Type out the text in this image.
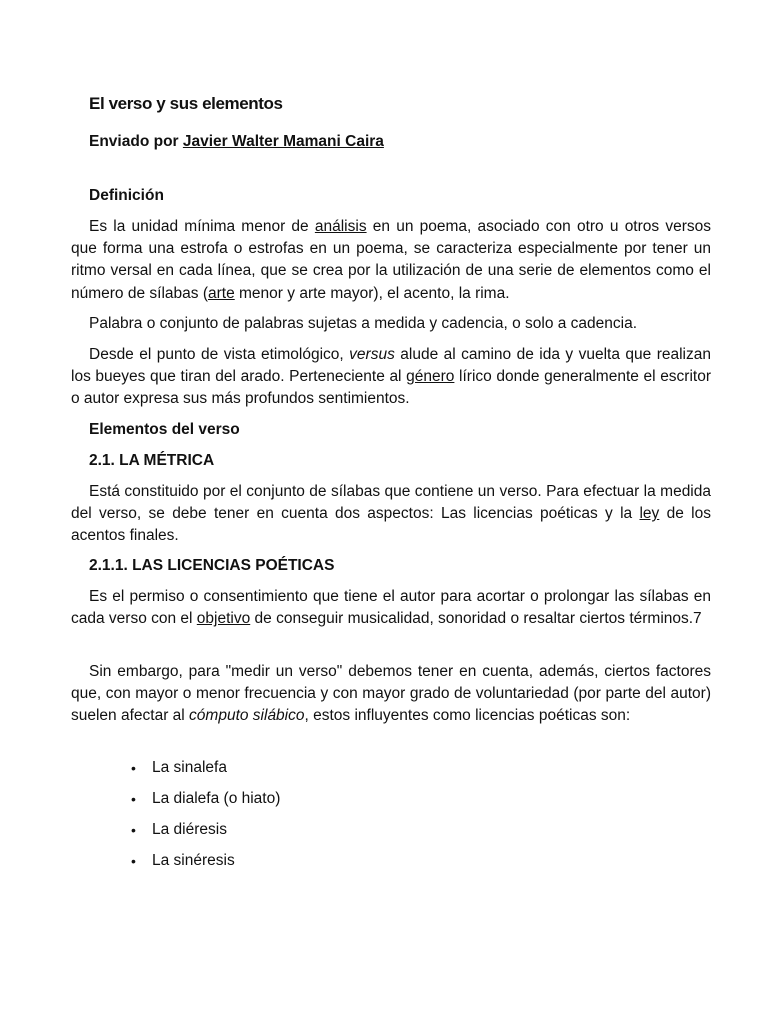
El verso y sus elementos

Enviado por Javier Walter Mamani Caira

Definición

Es la unidad mínima menor de análisis en un poema, asociado con otro u otros versos que forma una estrofa o estrofas en un poema, se caracteriza especialmente por tener un ritmo versal en cada línea, que se crea por la utilización de una serie de elementos como el número de sílabas (arte menor y arte mayor), el acento, la rima.

Palabra o conjunto de palabras sujetas a medida y cadencia, o solo a cadencia.

Desde el punto de vista etimológico, versus alude al camino de ida y vuelta que realizan los bueyes que tiran del arado. Perteneciente al género lírico donde generalmente el escritor o autor expresa sus más profundos sentimientos.

Elementos del verso
2.1. LA MÉTRICA

Está constituido por el conjunto de sílabas que contiene un verso. Para efectuar la medida del verso, se debe tener en cuenta dos aspectos: Las licencias poéticas y la ley de los acentos finales.

2.1.1. LAS LICENCIAS POÉTICAS

Es el permiso o consentimiento que tiene el autor para acortar o prolongar las sílabas en cada verso con el objetivo de conseguir musicalidad, sonoridad o resaltar ciertos términos.7

Sin embargo, para "medir un verso" debemos tener en cuenta, además, ciertos factores que, con mayor o menor frecuencia y con mayor grado de voluntariedad (por parte del autor) suelen afectar al cómputo silábico, estos influyentes como licencias poéticas son:

• La sinalefa
• La dialefa (o hiato)
• La diéresis
• La sinéresis
